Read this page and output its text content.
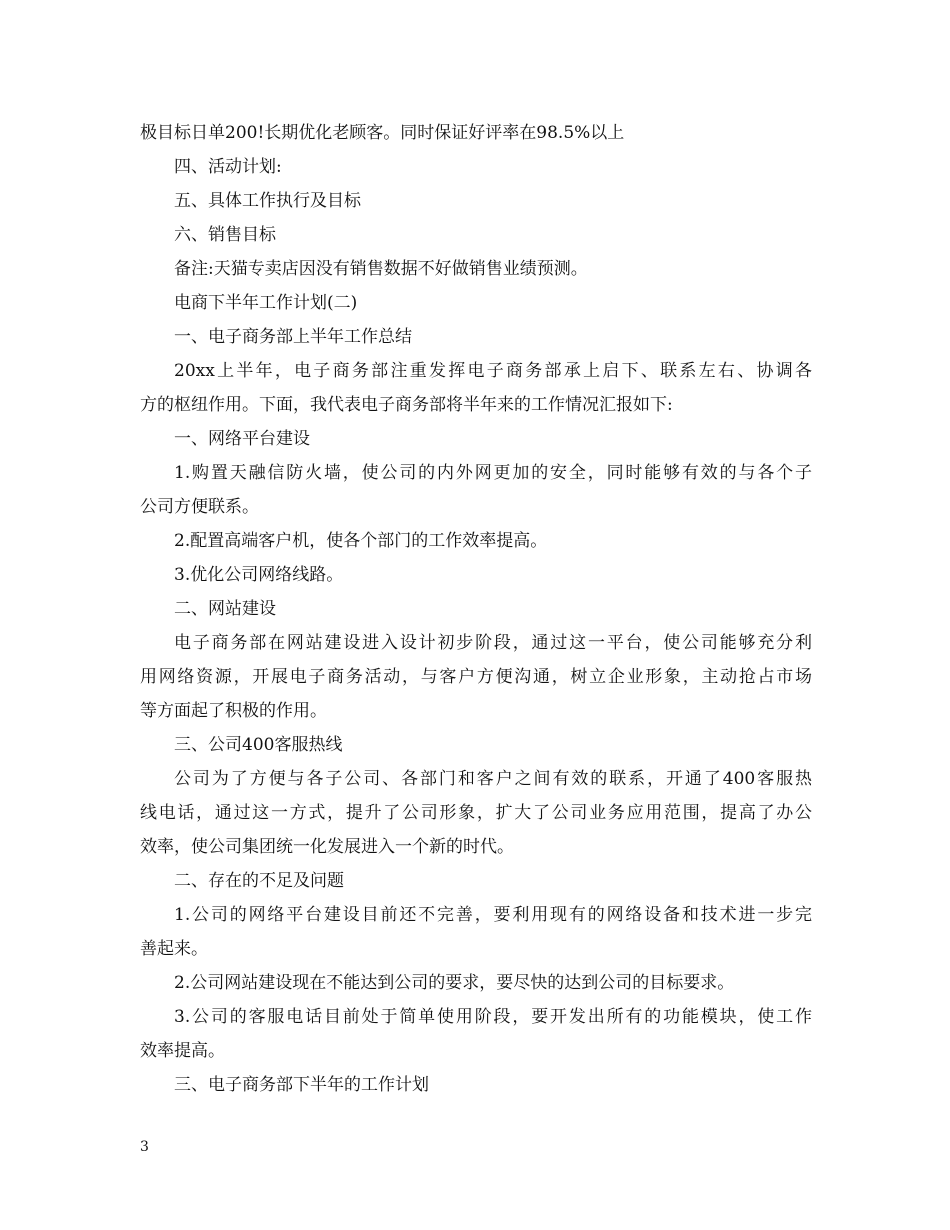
极目标日单200!长期优化老顾客。同时保证好评率在98.5%以上
四、活动计划:
五、具体工作执行及目标
六、销售目标
备注:天猫专卖店因没有销售数据不好做销售业绩预测。
电商下半年工作计划(二)
一、电子商务部上半年工作总结
20xx上半年，电子商务部注重发挥电子商务部承上启下、联系左右、协调各
方的枢纽作用。下面，我代表电子商务部将半年来的工作情况汇报如下:
一、网络平台建设
1.购置天融信防火墙，使公司的内外网更加的安全，同时能够有效的与各个子
公司方便联系。
2.配置高端客户机，使各个部门的工作效率提高。
3.优化公司网络线路。
二、网站建设
电子商务部在网站建设进入设计初步阶段，通过这一平台，使公司能够充分利
用网络资源，开展电子商务活动，与客户方便沟通，树立企业形象，主动抢占市场
等方面起了积极的作用。
三、公司400客服热线
公司为了方便与各子公司、各部门和客户之间有效的联系，开通了400客服热
线电话，通过这一方式，提升了公司形象，扩大了公司业务应用范围，提高了办公
效率，使公司集团统一化发展进入一个新的时代。
二、存在的不足及问题
1.公司的网络平台建设目前还不完善，要利用现有的网络设备和技术进一步完
善起来。
2.公司网站建设现在不能达到公司的要求，要尽快的达到公司的目标要求。
3.公司的客服电话目前处于简单使用阶段，要开发出所有的功能模块，使工作
效率提高。
三、电子商务部下半年的工作计划
3
